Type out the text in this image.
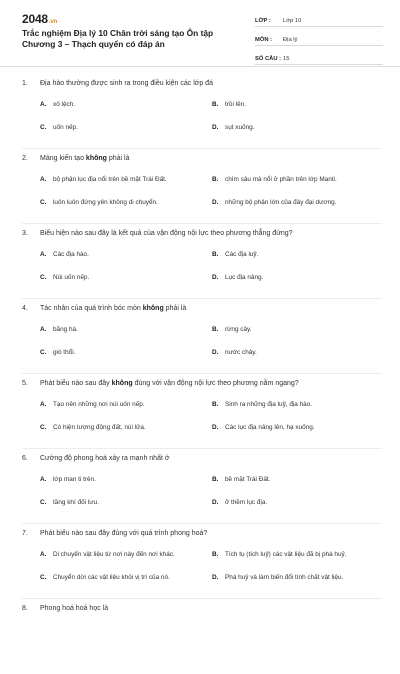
2048.vn
Trắc nghiệm Địa lý 10 Chân trời sáng tạo Ôn tập Chương 3 – Thạch quyển có đáp án
LỚP :	Lớp 10
MÔN :	Địa lý
SỐ CÂU : 15
1. Địa hào thường được sinh ra trong điều kiện các lớp đá
A. xô lệch.	B. trồi lên.
C. uốn nếp.	D. sụt xuống.
2. Mảng kiến tạo không phải là
A. bộ phận lục địa nổi trên bề mặt Trái Đất.	B. chìm sâu mà nổi ở phần trên lớp Manti.
C. luôn luôn đứng yên không di chuyển.	D. những bộ phận lớn của đáy đại dương.
3. Biểu hiện nào sau đây là kết quả của vận động nội lực theo phương thẳng đứng?
A. Các địa hào.	B. Các địa luỹ.
C. Núi uốn nếp.	D. Lục địa nâng.
4. Tác nhân của quá trình bóc mòn không phải là
A. băng hà.	B. rừng cây.
C. gió thổi.	D. nước chảy.
5. Phát biểu nào sau đây không đúng với vận động nội lực theo phương nằm ngang?
A. Tạo nên những nơi núi uốn nếp.	B. Sinh ra những địa luỹ, địa hào.
C. Có hiện tượng động đất, núi lửa.	D. Các lục địa nâng lên, hạ xuống.
6. Cường độ phong hoá xảy ra mạnh nhất ở
A. lớp man ti trên.	B. bề mặt Trái Đất.
C. tầng khí đối lưu.	D. ở thềm lục địa.
7. Phát biểu nào sau đây đúng với quá trình phong hoá?
A. Di chuyển vật liệu từ nơi này đến nơi khác.	B. Tích tụ (tích luỹ) các vật liệu đã bị phá huỷ.
C. Chuyển dời các vật liệu khỏi vị trí của nó.	D. Phá huỷ và làm biến đổi tính chất vật liệu.
8. Phong hoá hoá học là
